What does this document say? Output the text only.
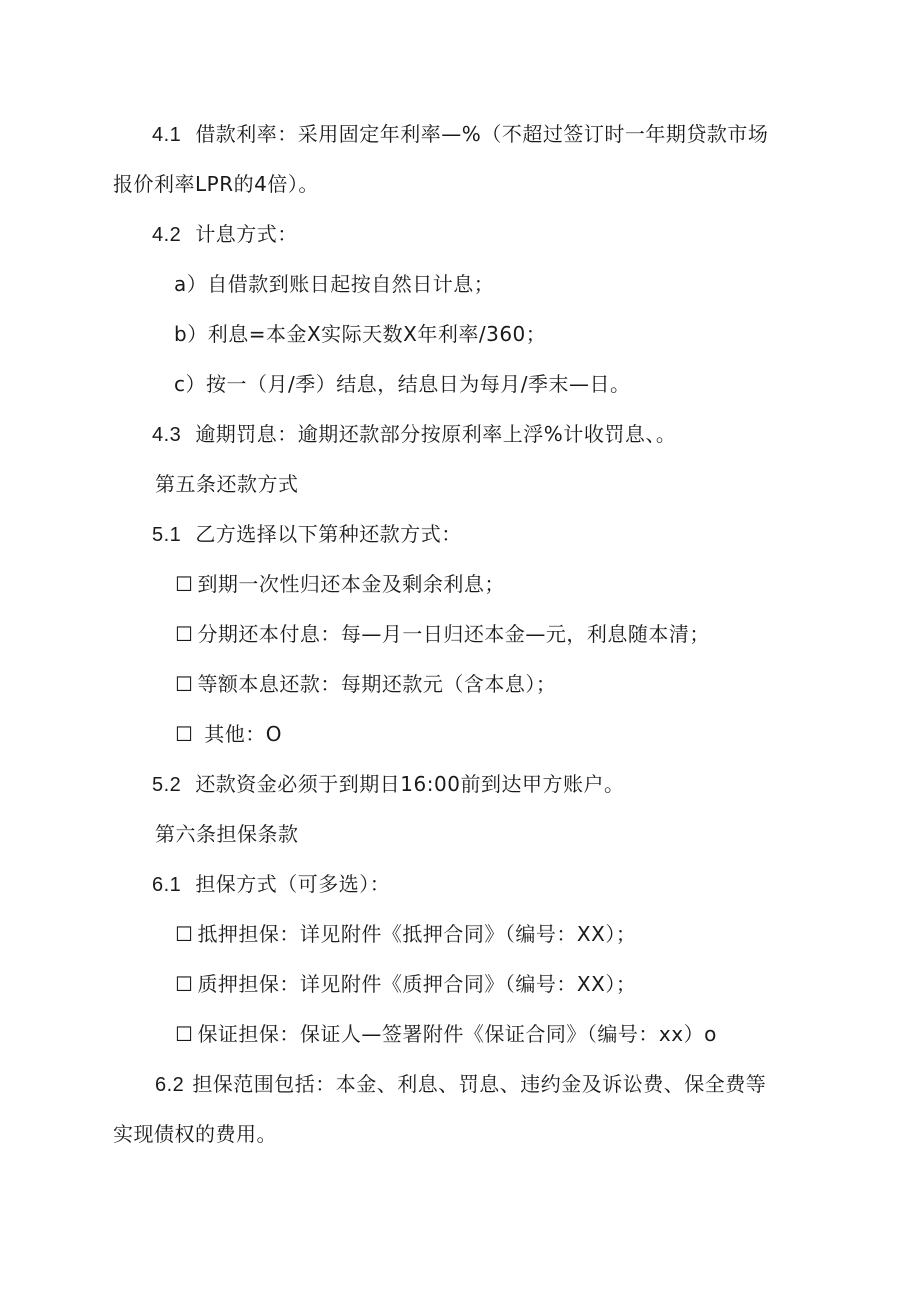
4.1 借款利率：采用固定年利率—%（不超过签订时一年期贷款市场
报价利率LPR的4倍）。
4.2 计息方式：
a）自借款到账日起按自然日计息；
b）利息=本金X实际天数X年利率/360；
c）按一（月/季）结息，结息日为每月/季末—日。
4.3 逾期罚息：逾期还款部分按原利率上浮%计收罚息、。
第五条还款方式
5.1 乙方选择以下第种还款方式：
☐ 到期一次性归还本金及剩余利息；
☐ 分期还本付息：每—月一日归还本金—元，利息随本清；
☐ 等额本息还款：每期还款元（含本息）；
☐ 其他：O
5.2 还款资金必须于到期日16:00前到达甲方账户。
第六条担保条款
6.1 担保方式（可多选）：
☐ 抵押担保：详见附件《抵押合同》（编号：XX）；
☐ 质押担保：详见附件《质押合同》（编号：XX）；
☐ 保证担保：保证人—签署附件《保证合同》（编号：xx）o
6.2 担保范围包括：本金、利息、罚息、违约金及诉讼费、保全费等
实现债权的费用。
